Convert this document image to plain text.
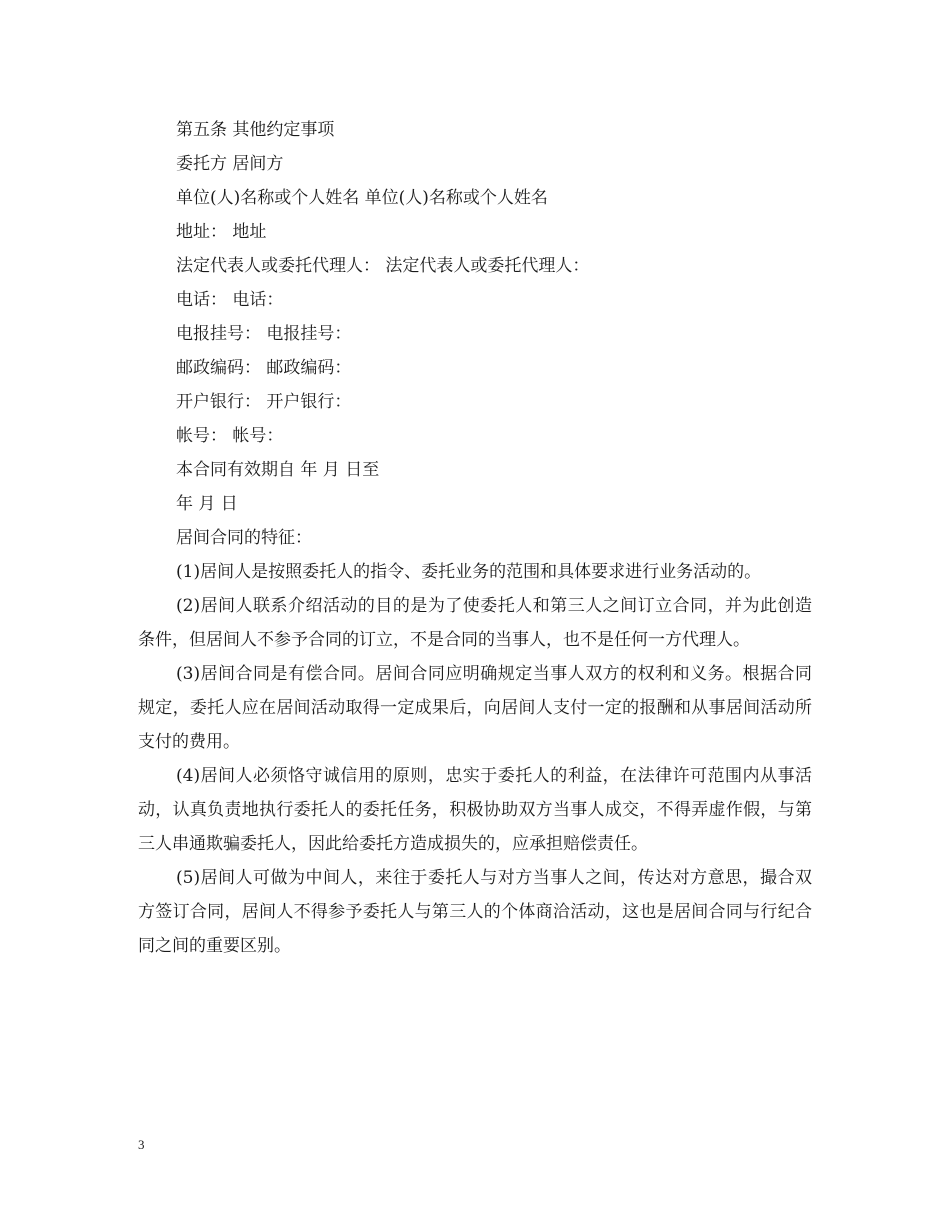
第五条 其他约定事项
委托方 居间方
单位(人)名称或个人姓名 单位(人)名称或个人姓名
地址： 地址
法定代表人或委托代理人： 法定代表人或委托代理人：
电话： 电话：
电报挂号： 电报挂号：
邮政编码： 邮政编码：
开户银行： 开户银行：
帐号： 帐号：
本合同有效期自 年 月 日至
年 月 日
居间合同的特征：

(1)居间人是按照委托人的指令、委托业务的范围和具体要求进行业务活动的。

(2)居间人联系介绍活动的目的是为了使委托人和第三人之间订立合同，并为此创造条件，但居间人不参予合同的订立，不是合同的当事人，也不是任何一方代理人。

(3)居间合同是有偿合同。居间合同应明确规定当事人双方的权利和义务。根据合同规定，委托人应在居间活动取得一定成果后，向居间人支付一定的报酬和从事居间活动所支付的费用。

(4)居间人必须恪守诚信用的原则，忠实于委托人的利益，在法律许可范围内从事活动，认真负责地执行委托人的委托任务，积极协助双方当事人成交，不得弄虚作假，与第三人串通欺骗委托人，因此给委托方造成损失的，应承担赔偿责任。

(5)居间人可做为中间人，来往于委托人与对方当事人之间，传达对方意思，撮合双方签订合同，居间人不得参予委托人与第三人的个体商洽活动，这也是居间合同与行纪合同之间的重要区别。

3
